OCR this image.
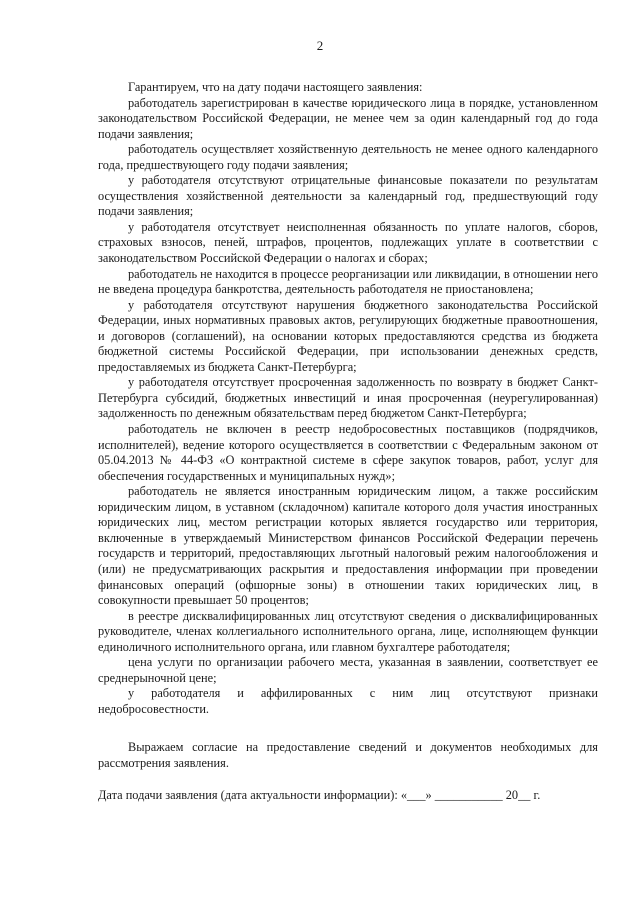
2

Гарантируем, что на дату подачи настоящего заявления:

работодатель зарегистрирован в качестве юридического лица в порядке, установленном законодательством Российской Федерации, не менее чем за один календарный год до года подачи заявления;

работодатель осуществляет хозяйственную деятельность не менее одного календарного года, предшествующего году подачи заявления;

у работодателя отсутствуют отрицательные финансовые показатели по результатам осуществления хозяйственной деятельности за календарный год, предшествующий году подачи заявления;

у работодателя отсутствует неисполненная обязанность по уплате налогов, сборов, страховых взносов, пеней, штрафов, процентов, подлежащих уплате в соответствии с законодательством Российской Федерации о налогах и сборах;

работодатель не находится в процессе реорганизации или ликвидации, в отношении него не введена процедура банкротства, деятельность работодателя не приостановлена;

у работодателя отсутствуют нарушения бюджетного законодательства Российской Федерации, иных нормативных правовых актов, регулирующих бюджетные правоотношения, и договоров (соглашений), на основании которых предоставляются средства из бюджета бюджетной системы Российской Федерации, при использовании денежных средств, предоставляемых из бюджета Санкт-Петербурга;

у работодателя отсутствует просроченная задолженность по возврату в бюджет Санкт-Петербурга субсидий, бюджетных инвестиций и иная просроченная (неурегулированная) задолженность по денежным обязательствам перед бюджетом Санкт-Петербурга;

работодатель не включен в реестр недобросовестных поставщиков (подрядчиков, исполнителей), ведение которого осуществляется в соответствии с Федеральным законом от 05.04.2013 № 44-ФЗ «О контрактной системе в сфере закупок товаров, работ, услуг для обеспечения государственных и муниципальных нужд»;

работодатель не является иностранным юридическим лицом, а также российским юридическим лицом, в уставном (складочном) капитале которого доля участия иностранных юридических лиц, местом регистрации которых является государство или территория, включенные в утверждаемый Министерством финансов Российской Федерации перечень государств и территорий, предоставляющих льготный налоговый режим налогообложения и (или) не предусматривающих раскрытия и предоставления информации при проведении финансовых операций (офшорные зоны) в отношении таких юридических лиц, в совокупности превышает 50 процентов;

в реестре дисквалифицированных лиц отсутствуют сведения о дисквалифицированных руководителе, членах коллегиального исполнительного органа, лице, исполняющем функции единоличного исполнительного органа, или главном бухгалтере работодателя;

цена услуги по организации рабочего места, указанная в заявлении, соответствует ее среднерыночной цене;

у работодателя и аффилированных с ним лиц отсутствуют признаки недобросовестности.

Выражаем согласие на предоставление сведений и документов необходимых для рассмотрения заявления.

Дата подачи заявления (дата актуальности информации): «___» ___________ 20__ г.
